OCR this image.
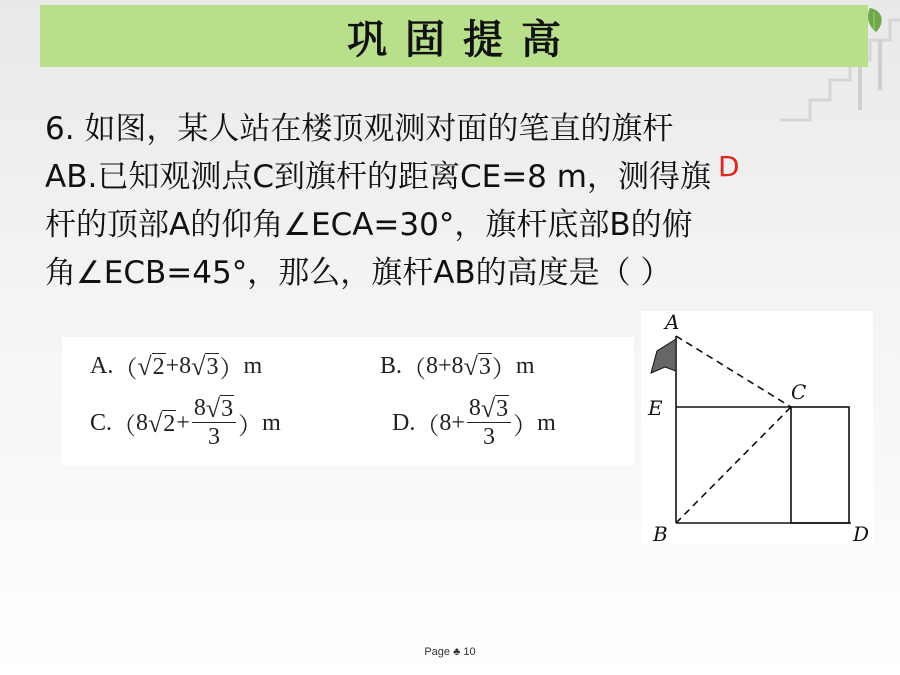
巩固提高

6. 如图，某人站在楼顶观测对面的笔直的旗杆
AB.已知观测点C到旗杆的距离CE=8 m，测得旗
杆的顶部A的仰角∠ECA=30°，旗杆底部B的俯
角∠ECB=45°，那么，旗杆AB的高度是（ ）

D
A. （ √ 2 +8 √ 3 ） m	B. （ 8+8 √ 3 ） m
C. （ 8 √ $2 + \frac{8 √ 3}{3}$ ） m	D. （ $8+ \frac{8 √ 3}{3}$ ） m
A
E
C
B	D
Page ♣ 10
